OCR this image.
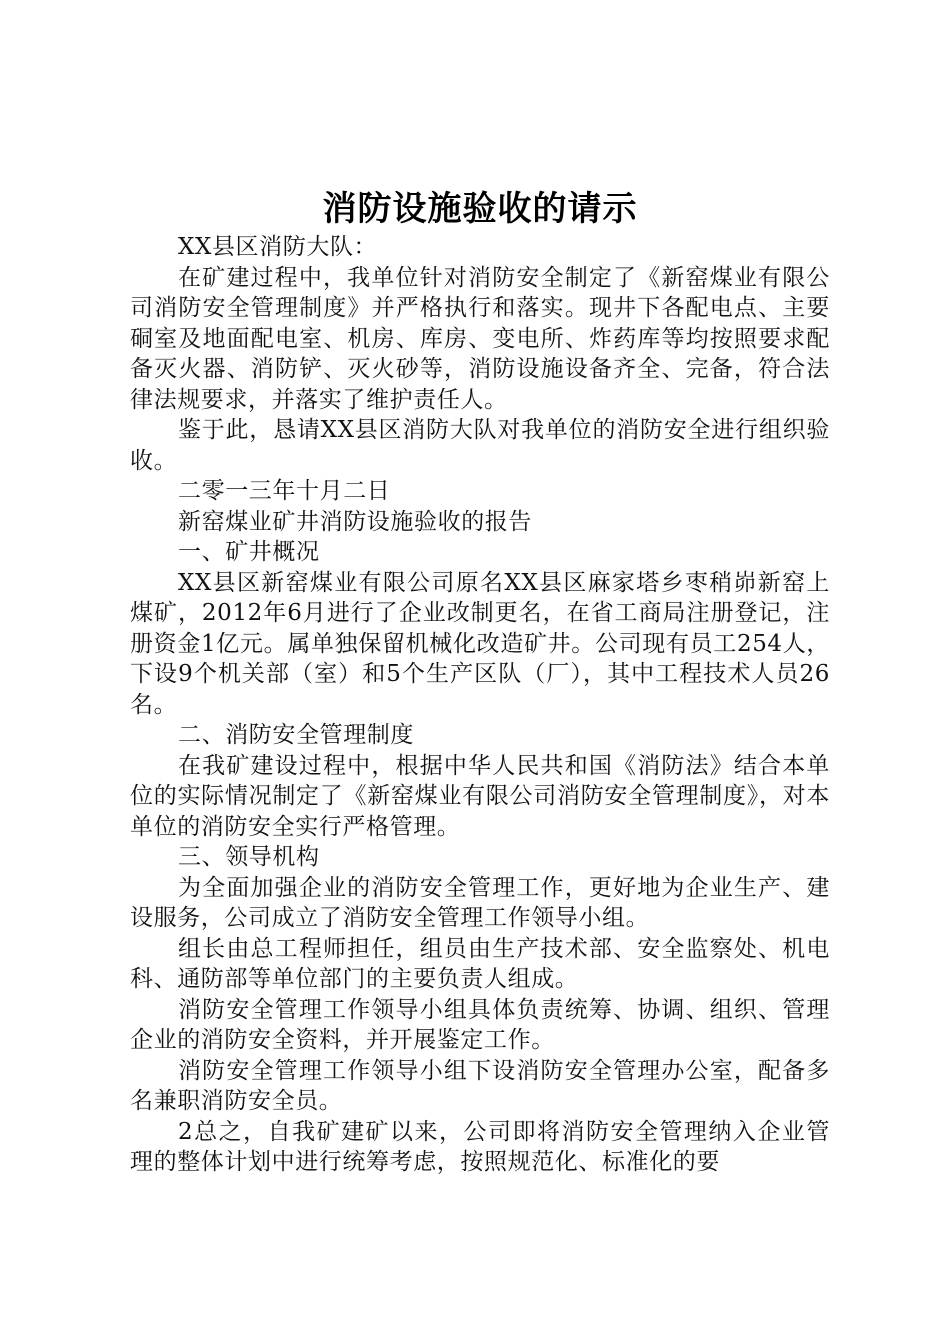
消防设施验收的请示

XX县区消防大队：

在矿建过程中，我单位针对消防安全制定了《新窑煤业有限公司消防安全管理制度》并严格执行和落实。现井下各配电点、主要硐室及地面配电室、机房、库房、变电所、炸药库等均按照要求配备灭火器、消防铲、灭火砂等，消防设施设备齐全、完备，符合法律法规要求，并落实了维护责任人。

鉴于此，恳请XX县区消防大队对我单位的消防安全进行组织验收。

二零一三年十月二日

新窑煤业矿井消防设施验收的报告

一、矿井概况

XX县区新窑煤业有限公司原名XX县区麻家塔乡枣稍峁新窑上煤矿，2012年6月进行了企业改制更名，在省工商局注册登记，注册资金1亿元。属单独保留机械化改造矿井。公司现有员工254人，下设9个机关部（室）和5个生产区队（厂），其中工程技术人员26名。

二、消防安全管理制度

在我矿建设过程中，根据中华人民共和国《消防法》结合本单位的实际情况制定了《新窑煤业有限公司消防安全管理制度》，对本单位的消防安全实行严格管理。

三、领导机构

为全面加强企业的消防安全管理工作，更好地为企业生产、建设服务，公司成立了消防安全管理工作领导小组。

组长由总工程师担任，组员由生产技术部、安全监察处、机电科、通防部等单位部门的主要负责人组成。

消防安全管理工作领导小组具体负责统筹、协调、组织、管理企业的消防安全资料，并开展鉴定工作。

消防安全管理工作领导小组下设消防安全管理办公室，配备多名兼职消防安全员。

2总之，自我矿建矿以来，公司即将消防安全管理纳入企业管理的整体计划中进行统筹考虑，按照规范化、标准化的要
